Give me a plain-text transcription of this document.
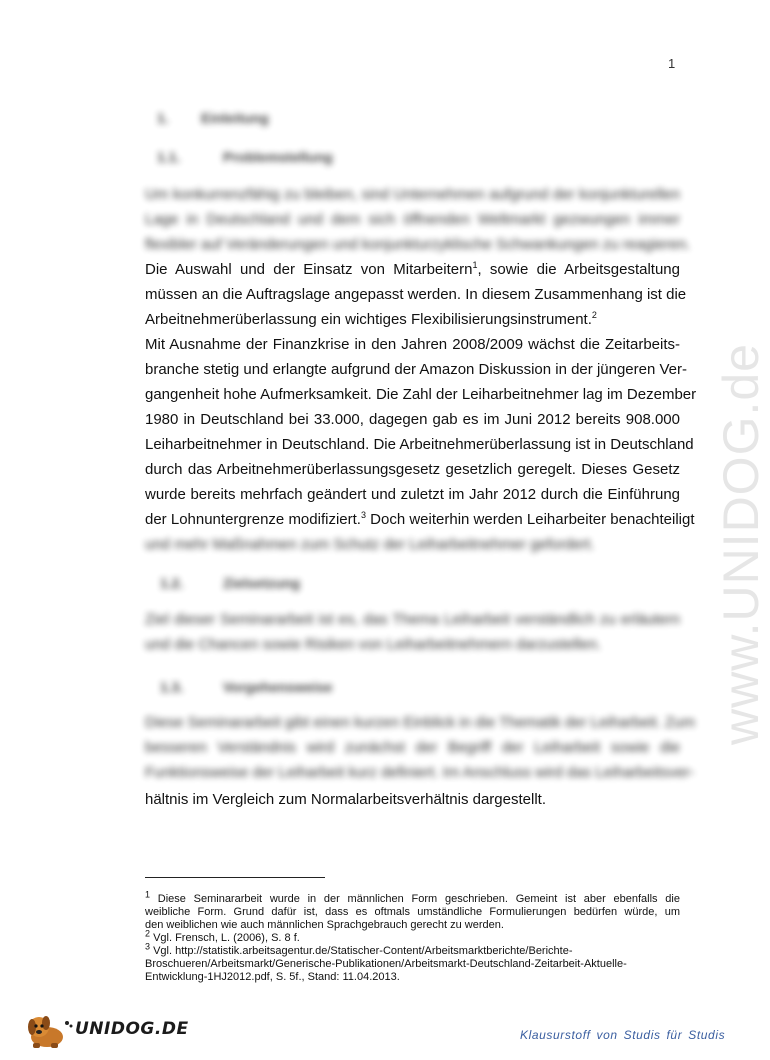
1
www.UNIDOG.de
1. Einleitung
1.1.	Problemstellung
Um konkurrenzfähig zu bleiben, sind Unternehmen aufgrund der konjunkturellen
Lage in Deutschland und dem sich öffnenden Weltmarkt gezwungen immer
flexibler auf Veränderungen und konjunkturzyklische Schwankungen zu reagieren.
Die Auswahl und der Einsatz von Mitarbeitern$^1$, sowie die Arbeitsgestaltung
müssen an die Auftragslage angepasst werden. In diesem Zusammenhang ist die
Arbeitnehmerüberlassung ein wichtiges Flexibilisierungsinstrument.$^2$
Mit Ausnahme der Finanzkrise in den Jahren 2008/2009 wächst die Zeitarbeits-
branche stetig und erlangte aufgrund der Amazon Diskussion in der jüngeren Ver-
gangenheit hohe Aufmerksamkeit. Die Zahl der Leiharbeitnehmer lag im Dezember
1980 in Deutschland bei 33.000, dagegen gab es im Juni 2012 bereits 908.000
Leiharbeitnehmer in Deutschland. Die Arbeitnehmerüberlassung ist in Deutschland
durch das Arbeitnehmerüberlassungsgesetz gesetzlich geregelt. Dieses Gesetz
wurde bereits mehrfach geändert und zuletzt im Jahr 2012 durch die Einführung
der Lohnuntergrenze modifiziert.$^3$ Doch weiterhin werden Leiharbeiter benachteiligt
und mehr Maßnahmen zum Schutz der Leiharbeitnehmer gefordert.
1.2.	Zielsetzung
Ziel dieser Seminararbeit ist es, das Thema Leiharbeit verständlich zu erläutern
und die Chancen sowie Risiken von Leiharbeitnehmern darzustellen.
1.3.	Vorgehensweise
Diese Seminararbeit gibt einen kurzen Einblick in die Thematik der Leiharbeit. Zum
besseren Verständnis wird zunächst der Begriff der Leiharbeit sowie die
Funktionsweise der Leiharbeit kurz definiert. Im Anschluss wird das Leiharbeitsver-
hältnis im Vergleich zum Normalarbeitsverhältnis dargestellt.
$^1$ Diese Seminararbeit wurde in der männlichen Form geschrieben. Gemeint ist aber ebenfalls die
weibliche Form. Grund dafür ist, dass es oftmals umständliche Formulierungen bedürfen würde, um
den weiblichen wie auch männlichen Sprachgebrauch gerecht zu werden.
$^2$ Vgl. Frensch, L. (2006), S. 8 f.
$^3$ Vgl. http://statistik.arbeitsagentur.de/Statischer-Content/Arbeitsmarktberichte/Berichte-
Broschueren/Arbeitsmarkt/Generische-Publikationen/Arbeitsmarkt-Deutschland-Zeitarbeit-Aktuelle-
Entwicklung-1HJ2012.pdf, S. 5f., Stand: 11.04.2013.
UNIDOG.DE	Klausurstoff von Studis für Studis
